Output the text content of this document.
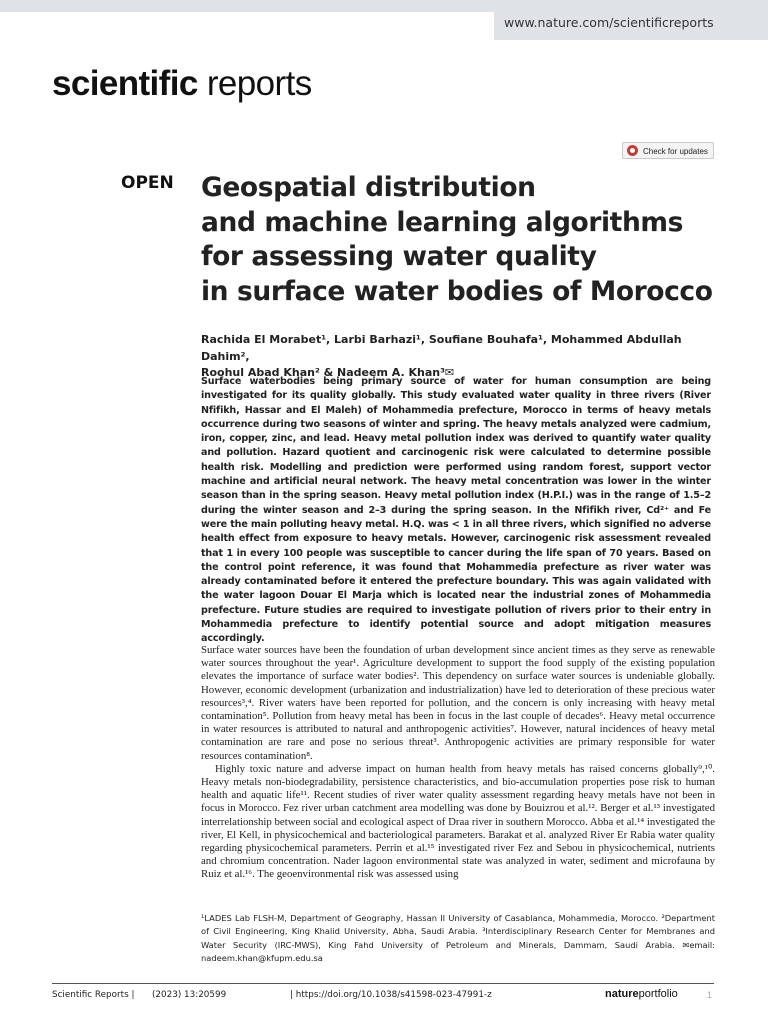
www.nature.com/scientificreports
scientific reports
Check for updates
OPEN Geospatial distribution
and machine learning algorithms
for assessing water quality
in surface water bodies of Morocco
Rachida El Morabet¹, Larbi Barhazi¹, Soufiane Bouhafa¹, Mohammed Abdullah Dahim²,
Roohul Abad Khan² & Nadeem A. Khan³✉
Surface waterbodies being primary source of water for human consumption are being investigated for its quality globally. This study evaluated water quality in three rivers (River Nfifikh, Hassar and El Maleh) of Mohammedia prefecture, Morocco in terms of heavy metals occurrence during two seasons of winter and spring. The heavy metals analyzed were cadmium, iron, copper, zinc, and lead. Heavy metal pollution index was derived to quantify water quality and pollution. Hazard quotient and carcinogenic risk were calculated to determine possible health risk. Modelling and prediction were performed using random forest, support vector machine and artificial neural network. The heavy metal concentration was lower in the winter season than in the spring season. Heavy metal pollution index (H.P.I.) was in the range of 1.5–2 during the winter season and 2–3 during the spring season. In the Nfifikh river, Cd²⁺ and Fe were the main polluting heavy metal. H.Q. was < 1 in all three rivers, which signified no adverse health effect from exposure to heavy metals. However, carcinogenic risk assessment revealed that 1 in every 100 people was susceptible to cancer during the life span of 70 years. Based on the control point reference, it was found that Mohammedia prefecture as river water was already contaminated before it entered the prefecture boundary. This was again validated with the water lagoon Douar El Marja which is located near the industrial zones of Mohammedia prefecture. Future studies are required to investigate pollution of rivers prior to their entry in Mohammedia prefecture to identify potential source and adopt mitigation measures accordingly.

Surface water sources have been the foundation of urban development since ancient times as they serve as renewable water sources throughout the year¹. Agriculture development to support the food supply of the existing population elevates the importance of surface water bodies². This dependency on surface water sources is undeniable globally. However, economic development (urbanization and industrialization) have led to deterioration of these precious water resources³,⁴. River waters have been reported for pollution, and the concern is only increasing with heavy metal contamination⁵. Pollution from heavy metal has been in focus in the last couple of decades⁶. Heavy metal occurrence in water resources is attributed to natural and anthropogenic activities⁷. However, natural incidences of heavy metal contamination are rare and pose no serious threat³. Anthropogenic activities are primary responsible for water resources contamination⁸.

Highly toxic nature and adverse impact on human health from heavy metals has raised concerns globally⁹,¹⁰. Heavy metals non-biodegradability, persistence characteristics, and bio-accumulation properties pose risk to human health and aquatic life¹¹. Recent studies of river water quality assessment regarding heavy metals have not been in focus in Morocco. Fez river urban catchment area modelling was done by Bouizrou et al.¹². Berger et al.¹³ investigated interrelationship between social and ecological aspect of Draa river in southern Morocco. Abba et al.¹⁴ investigated the river, El Kell, in physicochemical and bacteriological parameters. Barakat et al. analyzed River Er Rabia water quality regarding physicochemical parameters. Perrin et al.¹⁵ investigated river Fez and Sebou in physicochemical, nutrients and chromium concentration. Nader lagoon environmental state was analyzed in water, sediment and microfauna by Ruiz et al.¹⁶. The geoenvironmental risk was assessed using

¹LADES Lab FLSH-M, Department of Geography, Hassan II University of Casablanca, Mohammedia, Morocco. ²Department of Civil Engineering, King Khalid University, Abha, Saudi Arabia. ³Interdisciplinary Research Center for Membranes and Water Security (IRC-MWS), King Fahd University of Petroleum and Minerals, Dammam, Saudi Arabia. ✉email: nadeem.khan@kfupm.edu.sa
Scientific Reports | (2023) 13:20599	| https://doi.org/10.1038/s41598-023-47991-z	natureportfolio	1
